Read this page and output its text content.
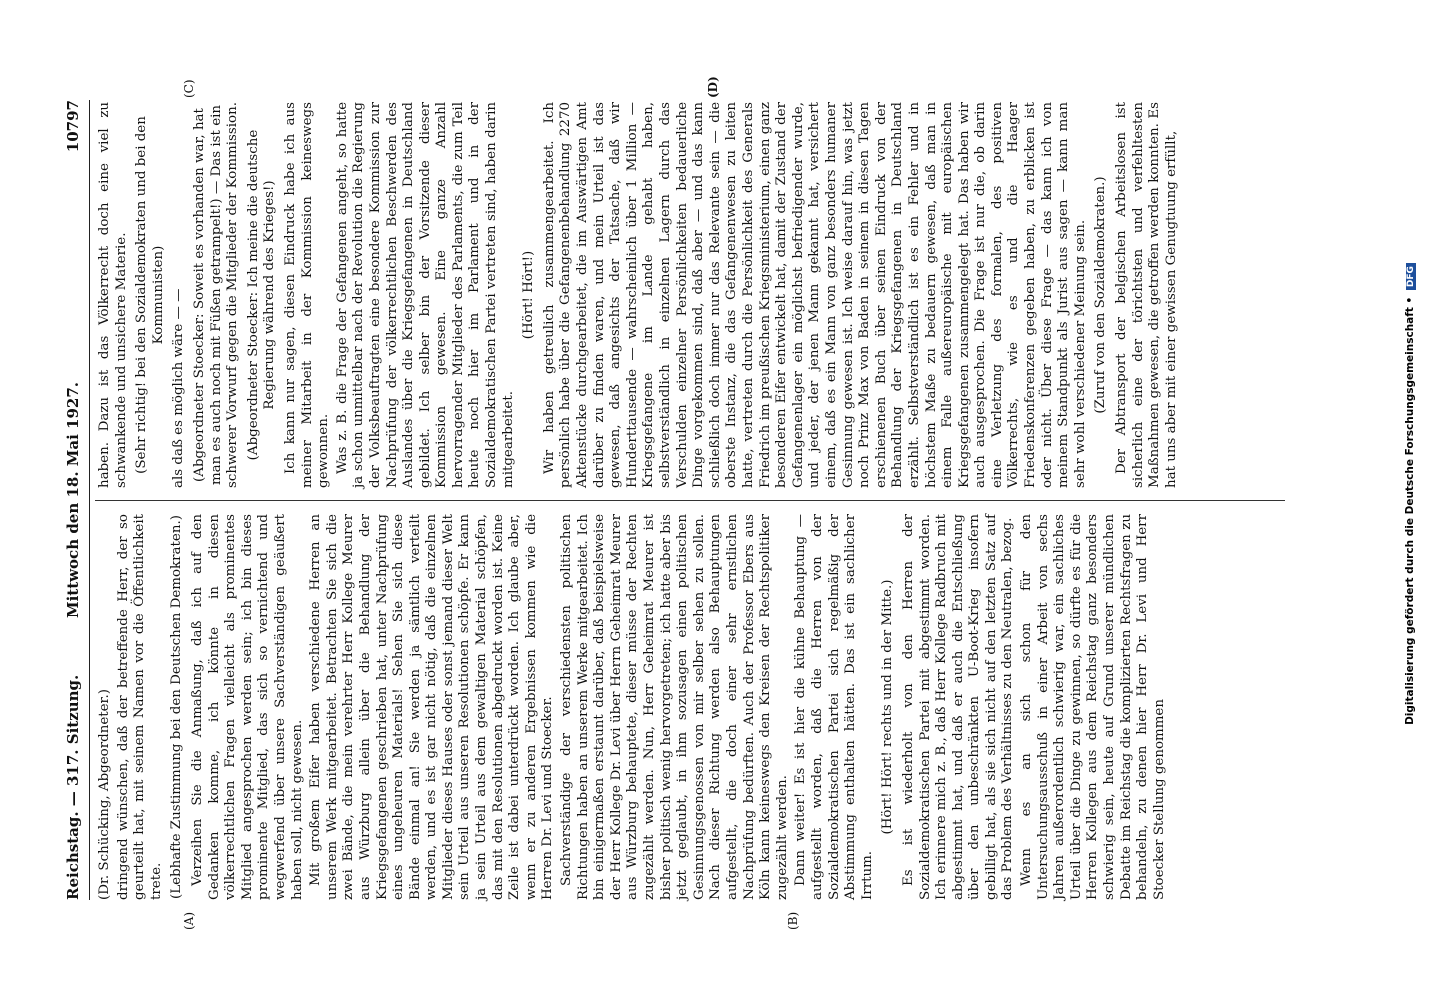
Reichstag. — 317. Sitzung.
Mittwoch den 18. Mai 1927.
10797
(A)	(B)
(C)	(D)

(Dr. Schücking, Abgeordneter.) dringend wünschen, daß der betreffende Herr, der so geurteilt hat, mit seinem Namen vor die Öffentlichkeit trete. (Lebhafte Zustimmung bei den Deutschen Demokraten.) Verzeihen Sie die Anmaßung, daß ich auf den Gedanken komme, ich könnte in diesen völkerrechtlichen Fragen vielleicht als prominentes Mitglied angesprochen werden sein; ich bin dieses prominente Mitglied, das sich so vernichtend und wegwerfend über unsere Sachverständigen geäußert haben soll, nicht gewesen. Mit großem Eifer haben verschiedene Herren an unserem Werk mitgearbeitet. Betrachten Sie sich die zwei Bände, die mein verehrter Herr Kollege Meurer aus Würzburg allein über die Behandlung der Kriegsgefangenen geschrieben hat, unter Nachprüfung eines ungeheuren Materials! Sehen Sie sich diese Bände einmal an! Sie werden ja sämtlich verteilt werden, und es ist gar nicht nötig, daß die einzelnen Mitglieder dieses Hauses oder sonst jemand dieser Welt sein Urteil aus unseren Resolutionen schöpfe. Er kann ja sein Urteil aus dem gewaltigen Material schöpfen, das mit den Resolutionen abgedruckt worden ist. Keine Zeile ist dabei unterdrückt worden. Ich glaube aber, wenn er zu anderen Ergebnissen kommen wie die Herren Dr. Levi und Stoecker. Sachverständige der verschiedensten politischen Richtungen haben an unserem Werke mitgearbeitet. Ich bin einigermaßen erstaunt darüber, daß beispielsweise der Herr Kollege Dr. Levi über Herrn Geheimrat Meurer aus Würzburg behauptete, dieser müsse der Rechten zugezählt werden. Nun, Herr Geheimrat Meurer ist bisher politisch wenig hervorgetreten; ich hatte aber bis jetzt geglaubt, in ihm sozusagen einen politischen Gesinnungsgenossen von mir selber sehen zu sollen. Nach dieser Richtung werden also Behauptungen aufgestellt, die doch einer sehr ernstlichen Nachprüfung bedürften. Auch der Professor Ebers aus Köln kann keineswegs den Kreisen der Rechtspolitiker zugezählt werden. Dann weiter! Es ist hier die kühne Behauptung — aufgestellt worden, daß die Herren von der Sozialdemokratischen Partei sich regelmäßig der Abstimmung enthalten hätten. Das ist ein sachlicher Irrtum.

(Hört! Hört! rechts und in der Mitte.) Es ist wiederholt von den Herren der Sozialdemokratischen Partei mit abgestimmt worden. Ich erinnere mich z. B., daß Herr Kollege Radbruch mit abgestimmt hat, und daß er auch die Entschließung über den unbeschränkten U-Boot-Krieg insofern gebilligt hat, als sie sich nicht auf den letzten Satz auf das Problem des Verhältnisses zu den Neutralen, bezog. Wenn es an sich schon für den Untersuchungsausschuß in einer Arbeit von sechs Jahren außerordentlich schwierig war, ein sachliches Urteil über die Dinge zu gewinnen, so dürfte es für die Herren Kollegen aus dem Reichstag ganz besonders schwierig sein, heute auf Grund unserer mündlichen Debatte im Reichstag die komplizierten Rechtsfragen zu behandeln, zu denen hier Herr Dr. Levi und Herr Stoecker Stellung genommen

haben. Dazu ist das Völkerrecht doch eine viel zu schwankende und unsichere Materie. (Sehr richtig! bei den Sozialdemokraten und bei den Kommunisten) als daß es möglich wäre — — (Abgeordneter Stoecker: Soweit es vorhanden war, hat man es auch noch mit Füßen getrampelt!) — Das ist ein schwerer Vorwurf gegen die Mitglieder der Kommission. (Abgeordneter Stoecker: Ich meine die deutsche Regierung während des Krieges!) Ich kann nur sagen, diesen Eindruck habe ich aus meiner Mitarbeit in der Kommission keineswegs gewonnen. Was z. B. die Frage der Gefangenen angeht, so hatte ja schon unmittelbar nach der Revolution die Regierung der Volksbeauftragten eine besondere Kommission zur Nachprüfung der völkerrechtlichen Beschwerden des Auslandes über die Kriegsgefangenen in Deutschland gebildet. Ich selber bin der Vorsitzende dieser Kommission gewesen. Eine ganze Anzahl hervorragender Mitglieder des Parlaments, die zum Teil heute noch hier im Parlament und in der Sozialdemokratischen Partei vertreten sind, haben darin mitgearbeitet.

(Hört! Hört!) Wir haben getreulich zusammengearbeitet. Ich persönlich habe über die Gefangenenbehandlung 2270 Aktenstücke durchgearbeitet, die im Auswärtigen Amt darüber zu finden waren, und mein Urteil ist das gewesen, daß angesichts der Tatsache, daß wir Hunderttausende — wahrscheinlich über 1 Million — Kriegsgefangene im Lande gehabt haben, selbstverständlich in einzelnen Lagern durch das Verschulden einzelner Persönlichkeiten bedauerliche Dinge vorgekommen sind, daß aber — und das kann schließlich doch immer nur das Relevante sein — die oberste Instanz, die das Gefangenenwesen zu leiten hatte, vertreten durch die Persönlichkeit des Generals Friedrich im preußischen Kriegsministerium, einen ganz besonderen Eifer entwickelt hat, damit der Zustand der Gefangenenlager ein möglichst befriedigender wurde, und jeder, der jenen Mann gekannt hat, versichert einem, daß es ein Mann von ganz besonders humaner Gesinnung gewesen ist. Ich weise darauf hin, was jetzt noch Prinz Max von Baden in seinem in diesen Tagen erschienenen Buch über seinen Eindruck von der Behandlung der Kriegsgefangenen in Deutschland erzählt. Selbstverständlich ist es ein Fehler und in höchstem Maße zu bedauern gewesen, daß man in einem Falle außereuropäische mit europäischen Kriegsgefangenen zusammengelegt hat. Das haben wir auch ausgesprochen. Die Frage ist nur die, ob darin eine Verletzung des formalen, des positiven Völkerrechts, wie es und die Haager Friedenskonferenzen gegeben haben, zu erblicken ist oder nicht. Über diese Frage — das kann ich von meinem Standpunkt als Jurist aus sagen — kann man sehr wohl verschiedener Meinung sein. (Zuruf von den Sozialdemokraten.) Der Abtransport der belgischen Arbeitslosen ist sicherlich eine der törichtsten und verfehltesten Maßnahmen gewesen, die getroffen werden konnten. Es hat uns aber mit einer gewissen Genugtuung erfüllt,	Digitalisierung gefördert durch die Deutsche Forschungsgemeinschaft • DFG
